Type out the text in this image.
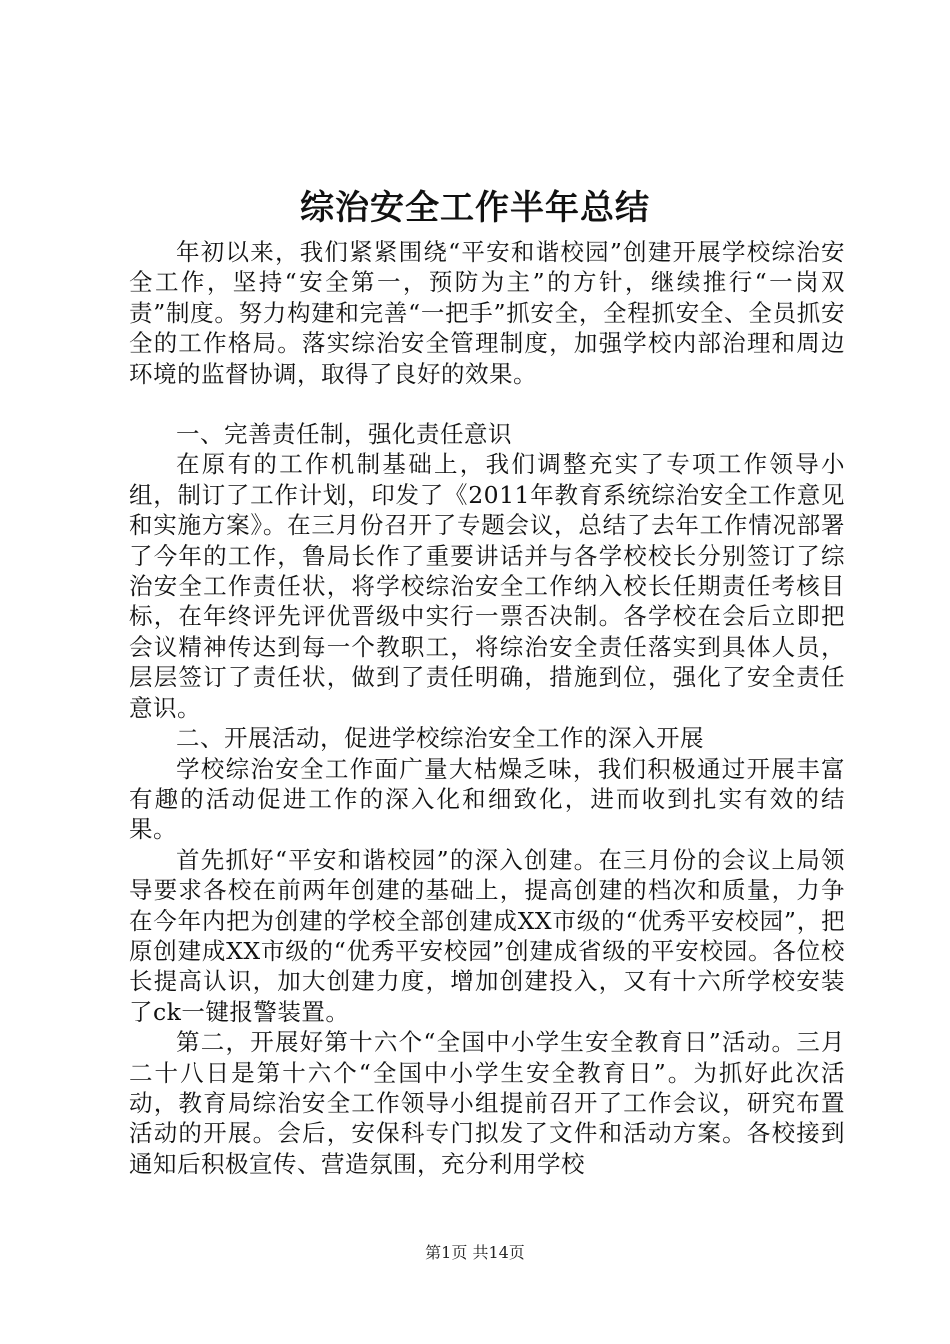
综治安全工作半年总结

年初以来，我们紧紧围绕“平安和谐校园”创建开展学校综治安全工作，坚持“安全第一，预防为主”的方针，继续推行“一岗双责”制度。努力构建和完善“一把手”抓安全，全程抓安全、全员抓安全的工作格局。落实综治安全管理制度，加强学校内部治理和周边环境的监督协调，取得了良好的效果。

一、完善责任制，强化责任意识

在原有的工作机制基础上，我们调整充实了专项工作领导小组，制订了工作计划，印发了《2011年教育系统综治安全工作意见和实施方案》。在三月份召开了专题会议，总结了去年工作情况部署了今年的工作，鲁局长作了重要讲话并与各学校校长分别签订了综治安全工作责任状，将学校综治安全工作纳入校长任期责任考核目标，在年终评先评优晋级中实行一票否决制。各学校在会后立即把会议精神传达到每一个教职工，将综治安全责任落实到具体人员，层层签订了责任状，做到了责任明确，措施到位，强化了安全责任意识。

二、开展活动，促进学校综治安全工作的深入开展

学校综治安全工作面广量大枯燥乏味，我们积极通过开展丰富有趣的活动促进工作的深入化和细致化，进而收到扎实有效的结果。

首先抓好“平安和谐校园”的深入创建。在三月份的会议上局领导要求各校在前两年创建的基础上，提高创建的档次和质量，力争在今年内把为创建的学校全部创建成XX市级的“优秀平安校园”，把原创建成XX市级的“优秀平安校园”创建成省级的平安校园。各位校长提高认识，加大创建力度，增加创建投入，又有十六所学校安装了ck一键报警装置。

第二，开展好第十六个“全国中小学生安全教育日”活动。三月二十八日是第十六个“全国中小学生安全教育日”。为抓好此次活动，教育局综治安全工作领导小组提前召开了工作会议，研究布置活动的开展。会后，安保科专门拟发了文件和活动方案。各校接到通知后积极宣传、营造氛围，充分利用学校

第1页 共14页
